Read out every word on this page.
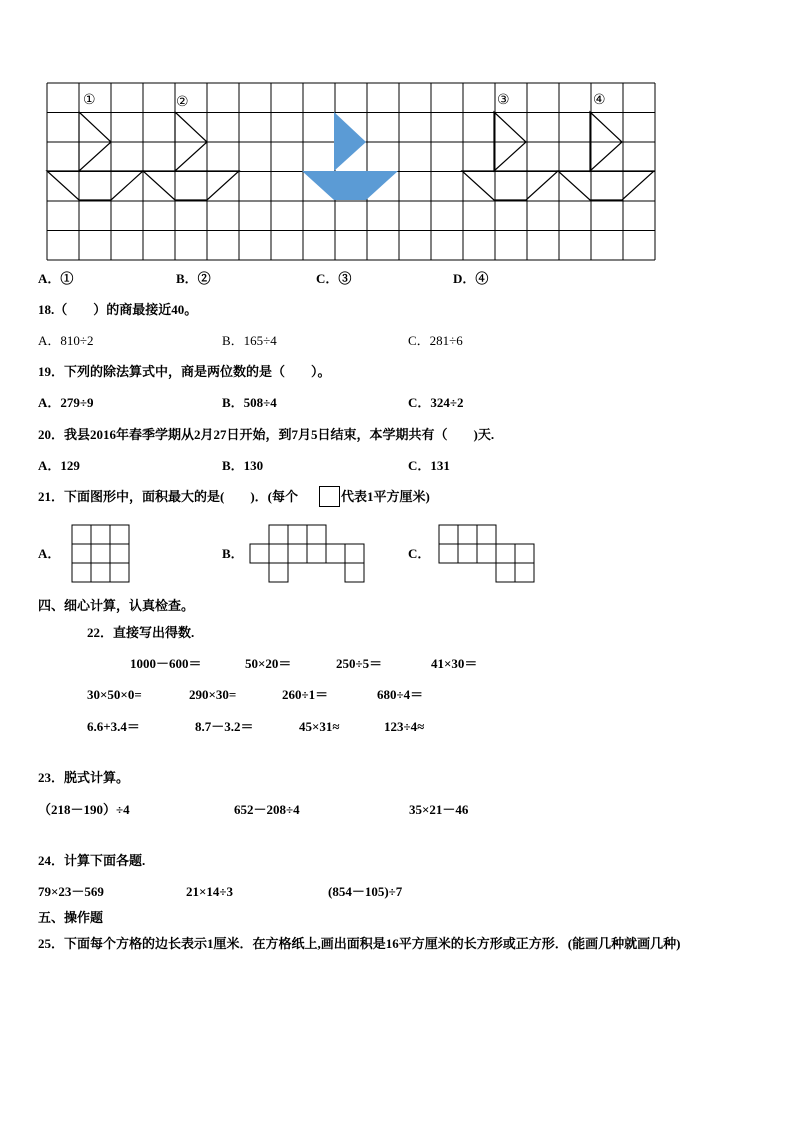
①	②	③	④
A．①	B．②	C．③	D．④
18.（　　）的商最接近40。
A．810÷2	B．165÷4	C．281÷6
19．下列的除法算式中，商是两位数的是（　　）。
A．279÷9	B．508÷4	C．324÷2
20．我县2016年春季学期从2月27日开始，到7月5日结束，本学期共有（　　)天.
A．129	B．130	C．131
21．下面图形中，面积最大的是(　　)．(每个	代表1平方厘米)
A．	B．	C．
四、细心计算，认真检查。
22．直接写出得数.
1000－600＝	50×20＝	250÷5＝	41×30＝
30×50×0=	290×30=	260÷1＝	680÷4＝
6.6+3.4＝	8.7－3.2＝	45×31≈	123÷4≈
23．脱式计算。
（218－190）÷4	652－208÷4	35×21－46
24．计算下面各题.
79×23－569	21×14÷3	(854－105)÷7
五、操作题
25．下面每个方格的边长表示1厘米．在方格纸上,画出面积是16平方厘米的长方形或正方形．(能画几种就画几种)
